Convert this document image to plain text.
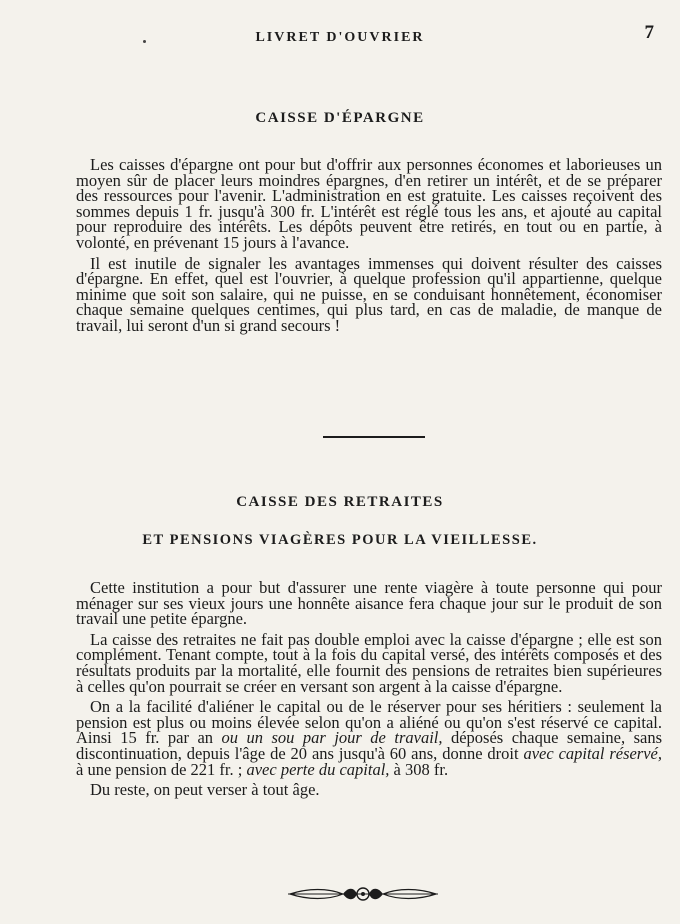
LIVRET D'OUVRIER	7
CAISSE D'ÉPARGNE

Les caisses d'épargne ont pour but d'offrir aux personnes économes et laborieuses un moyen sûr de placer leurs moindres épargnes, d'en retirer un intérêt, et de se préparer des ressources pour l'avenir. L'administration en est gratuite. Les caisses reçoivent des sommes depuis 1 fr. jusqu'à 300 fr. L'intérêt est réglé tous les ans, et ajouté au capital pour reproduire des intérêts. Les dépôts peuvent être retirés, en tout ou en partie, à volonté, en prévenant 15 jours à l'avance.

Il est inutile de signaler les avantages immenses qui doivent résulter des caisses d'épargne. En effet, quel est l'ouvrier, à quelque profession qu'il appartienne, quelque minime que soit son salaire, qui ne puisse, en se conduisant honnêtement, économiser chaque semaine quelques centimes, qui plus tard, en cas de maladie, de manque de travail, lui seront d'un si grand secours !

CAISSE DES RETRAITES
ET PENSIONS VIAGÈRES POUR LA VIEILLESSE.

Cette institution a pour but d'assurer une rente viagère à toute personne qui pour ménager sur ses vieux jours une honnête aisance fera chaque jour sur le produit de son travail une petite épargne.

La caisse des retraites ne fait pas double emploi avec la caisse d'épargne ; elle est son complément. Tenant compte, tout à la fois du capital versé, des intérêts composés et des résultats produits par la mortalité, elle fournit des pensions de retraites bien supérieures à celles qu'on pourrait se créer en versant son argent à la caisse d'épargne.

On a la facilité d'aliéner le capital ou de le réserver pour ses héritiers : seulement la pension est plus ou moins élevée selon qu'on a aliéné ou qu'on s'est réservé ce capital. Ainsi 15 fr. par an ou un sou par jour de travail, déposés chaque semaine, sans discontinuation, depuis l'âge de 20 ans jusqu'à 60 ans, donne droit avec capital réservé, à une pension de 221 fr. ; avec perte du capital, à 308 fr.

Du reste, on peut verser à tout âge.
